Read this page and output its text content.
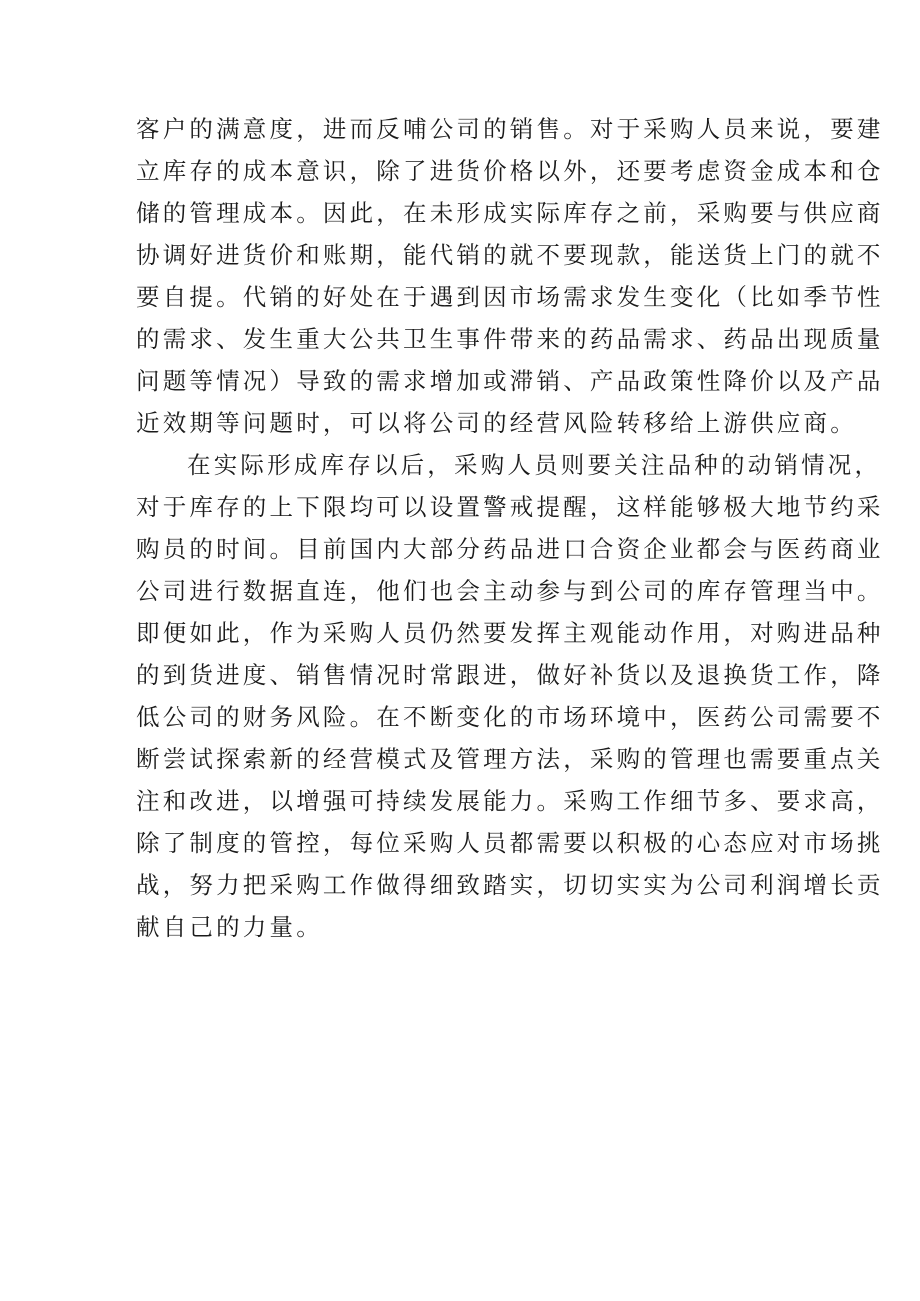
客户的满意度，进而反哺公司的销售。对于采购人员来说，要建
立库存的成本意识，除了进货价格以外，还要考虑资金成本和仓
储的管理成本。因此，在未形成实际库存之前，采购要与供应商
协调好进货价和账期，能代销的就不要现款，能送货上门的就不
要自提。代销的好处在于遇到因市场需求发生变化（比如季节性
的需求、发生重大公共卫生事件带来的药品需求、药品出现质量
问题等情况）导致的需求增加或滞销、产品政策性降价以及产品
近效期等问题时，可以将公司的经营风险转移给上游供应商。
在实际形成库存以后，采购人员则要关注品种的动销情况，
对于库存的上下限均可以设置警戒提醒，这样能够极大地节约采
购员的时间。目前国内大部分药品进口合资企业都会与医药商业
公司进行数据直连，他们也会主动参与到公司的库存管理当中。
即便如此，作为采购人员仍然要发挥主观能动作用，对购进品种
的到货进度、销售情况时常跟进，做好补货以及退换货工作，降
低公司的财务风险。在不断变化的市场环境中，医药公司需要不
断尝试探索新的经营模式及管理方法，采购的管理也需要重点关
注和改进，以增强可持续发展能力。采购工作细节多、要求高，
除了制度的管控，每位采购人员都需要以积极的心态应对市场挑
战，努力把采购工作做得细致踏实，切切实实为公司利润增长贡
献自己的力量。
